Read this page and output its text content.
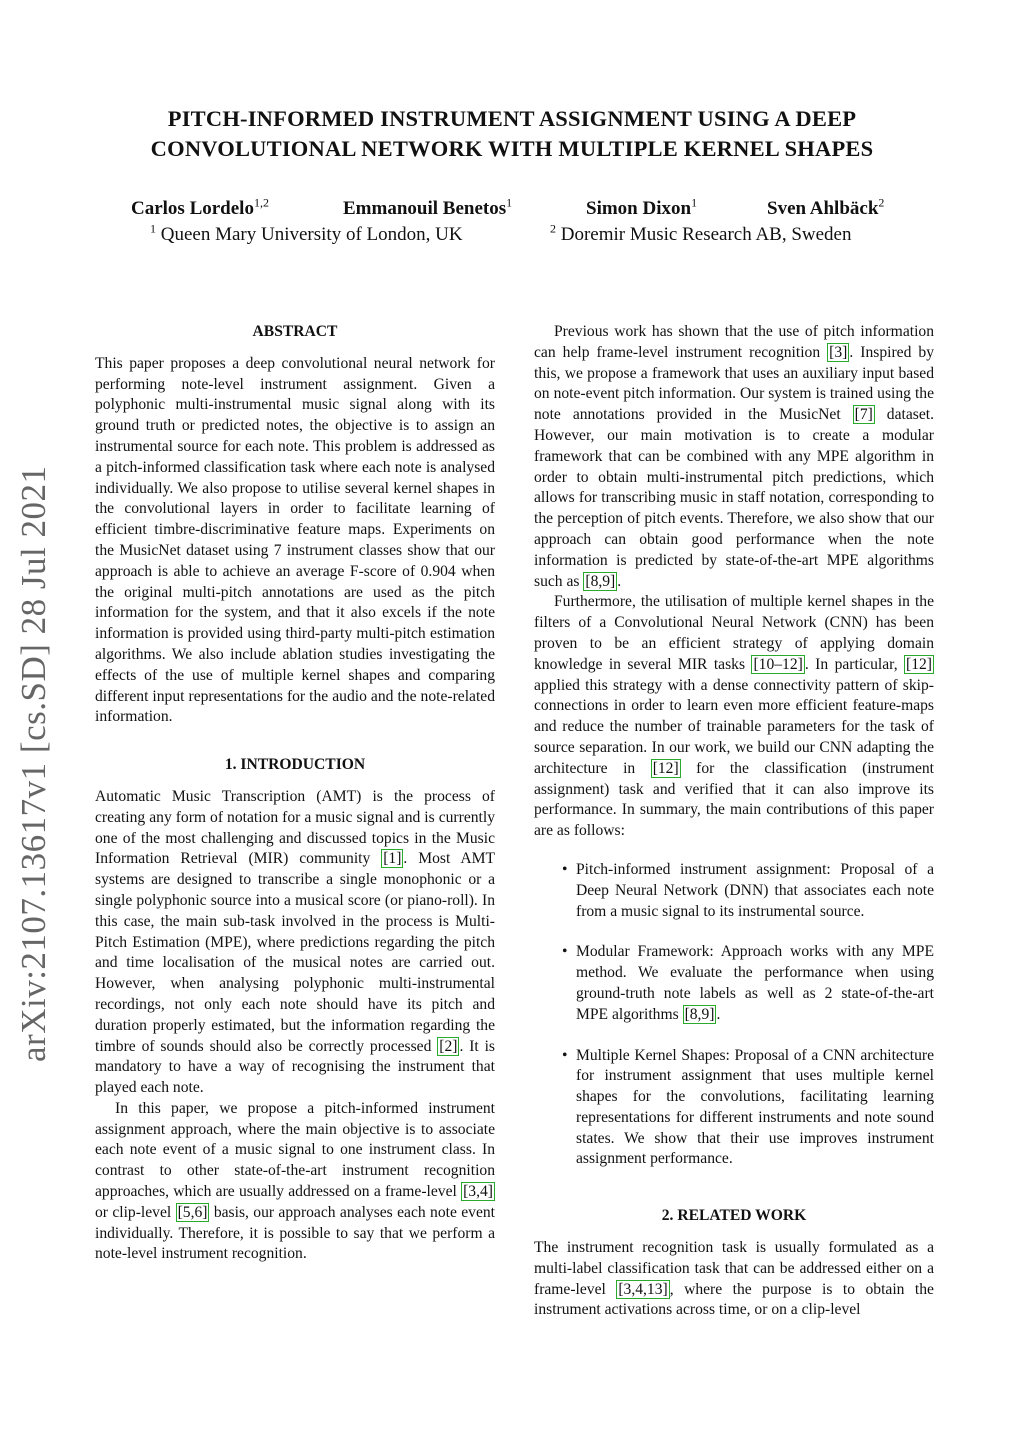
PITCH-INFORMED INSTRUMENT ASSIGNMENT USING A DEEP
CONVOLUTIONAL NETWORK WITH MULTIPLE KERNEL SHAPES
Carlos Lordelo$^{1,2}$	Emmanouil Benetos$^1$	Simon Dixon$^1$	Sven Ahlbäck$^2$
$^1$ Queen Mary University of London, UK	$^2$ Doremir Music Research AB, Sweden
arXiv:2107.13617v1 [cs.SD] 28 Jul 2021
ABSTRACT

This paper proposes a deep convolutional neural network for performing note-level instrument assignment. Given a polyphonic multi-instrumental music signal along with its ground truth or predicted notes, the objective is to assign an instrumental source for each note. This problem is addressed as a pitch-informed classification task where each note is analysed individually. We also propose to utilise several kernel shapes in the convolutional layers in order to facilitate learning of efficient timbre-discriminative feature maps. Experiments on the MusicNet dataset using 7 instrument classes show that our approach is able to achieve an average F-score of 0.904 when the original multi-pitch annotations are used as the pitch information for the system, and that it also excels if the note information is provided using third-party multi-pitch estimation algorithms. We also include ablation studies investigating the effects of the use of multiple kernel shapes and comparing different input representations for the audio and the note-related information.

1. INTRODUCTION

Automatic Music Transcription (AMT) is the process of creating any form of notation for a music signal and is currently one of the most challenging and discussed topics in the Music Information Retrieval (MIR) community [1] . Most AMT systems are designed to transcribe a single monophonic or a single polyphonic source into a musical score (or piano-roll). In this case, the main sub-task involved in the process is Multi-Pitch Estimation (MPE), where predictions regarding the pitch and time localisation of the musical notes are carried out. However, when analysing polyphonic multi-instrumental recordings, not only each note should have its pitch and duration properly estimated, but the information regarding the timbre of sounds should also be correctly processed [2] . It is mandatory to have a way of recognising the instrument that played each note.

In this paper, we propose a pitch-informed instrument assignment approach, where the main objective is to associate each note event of a music signal to one instrument class. In contrast to other state-of-the-art instrument recognition approaches, which are usually addressed on a frame-level [3,4] or clip-level [5,6] basis, our approach analyses each note event individually. Therefore, it is possible to say that we perform a note-level instrument recognition.

Previous work has shown that the use of pitch information can help frame-level instrument recognition [3] . Inspired by this, we propose a framework that uses an auxiliary input based on note-event pitch information. Our system is trained using the note annotations provided in the MusicNet [7] dataset. However, our main motivation is to create a modular framework that can be combined with any MPE algorithm in order to obtain multi-instrumental pitch predictions, which allows for transcribing music in staff notation, corresponding to the perception of pitch events. Therefore, we also show that our approach can obtain good performance when the note information is predicted by state-of-the-art MPE algorithms such as [8,9] .

Furthermore, the utilisation of multiple kernel shapes in the filters of a Convolutional Neural Network (CNN) has been proven to be an efficient strategy of applying domain knowledge in several MIR tasks [10–12] . In particular, [12] applied this strategy with a dense connectivity pattern of skip-connections in order to learn even more efficient feature-maps and reduce the number of trainable parameters for the task of source separation. In our work, we build our CNN adapting the architecture in [12] for the classification (instrument assignment) task and verified that it can also improve its performance. In summary, the main contributions of this paper are as follows:

• Pitch-informed instrument assignment: Proposal of a Deep Neural Network (DNN) that associates each note from a music signal to its instrumental source.
• Modular Framework: Approach works with any MPE method. We evaluate the performance when using ground-truth note labels as well as 2 state-of-the-art MPE algorithms [8,9] .
• Multiple Kernel Shapes: Proposal of a CNN architecture for instrument assignment that uses multiple kernel shapes for the convolutions, facilitating learning representations for different instruments and note sound states. We show that their use improves instrument assignment performance.
2. RELATED WORK

The instrument recognition task is usually formulated as a multi-label classification task that can be addressed either on a frame-level [3,4,13] , where the purpose is to obtain the instrument activations across time, or on a clip-level
